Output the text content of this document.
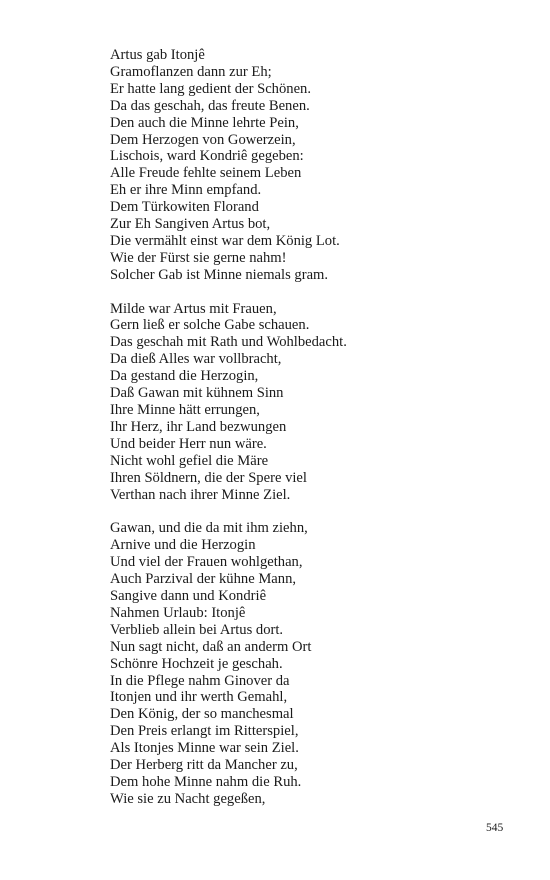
Artus gab Itonjê
Gramoflanzen dann zur Eh;
Er hatte lang gedient der Schönen.
Da das geschah, das freute Benen.
Den auch die Minne lehrte Pein,
Dem Herzogen von Gowerzein,
Lischois, ward Kondriê gegeben:
Alle Freude fehlte seinem Leben
Eh er ihre Minn empfand.
Dem Türkowiten Florand
Zur Eh Sangiven Artus bot,
Die vermählt einst war dem König Lot.
Wie der Fürst sie gerne nahm!
Solcher Gab ist Minne niemals gram.
Milde war Artus mit Frauen,
Gern ließ er solche Gabe schauen.
Das geschah mit Rath und Wohlbedacht.
Da dieß Alles war vollbracht,
Da gestand die Herzogin,
Daß Gawan mit kühnem Sinn
Ihre Minne hätt errungen,
Ihr Herz, ihr Land bezwungen
Und beider Herr nun wäre.
Nicht wohl gefiel die Märe
Ihren Söldnern, die der Spere viel
Verthan nach ihrer Minne Ziel.
Gawan, und die da mit ihm ziehn,
Arnive und die Herzogin
Und viel der Frauen wohlgethan,
Auch Parzival der kühne Mann,
Sangive dann und Kondriê
Nahmen Urlaub: Itonjê
Verblieb allein bei Artus dort.
Nun sagt nicht, daß an anderm Ort
Schönre Hochzeit je geschah.
In die Pflege nahm Ginover da
Itonjen und ihr werth Gemahl,
Den König, der so manchesmal
Den Preis erlangt im Ritterspiel,
Als Itonjes Minne war sein Ziel.
Der Herberg ritt da Mancher zu,
Dem hohe Minne nahm die Ruh.
Wie sie zu Nacht gegeßen,
545
